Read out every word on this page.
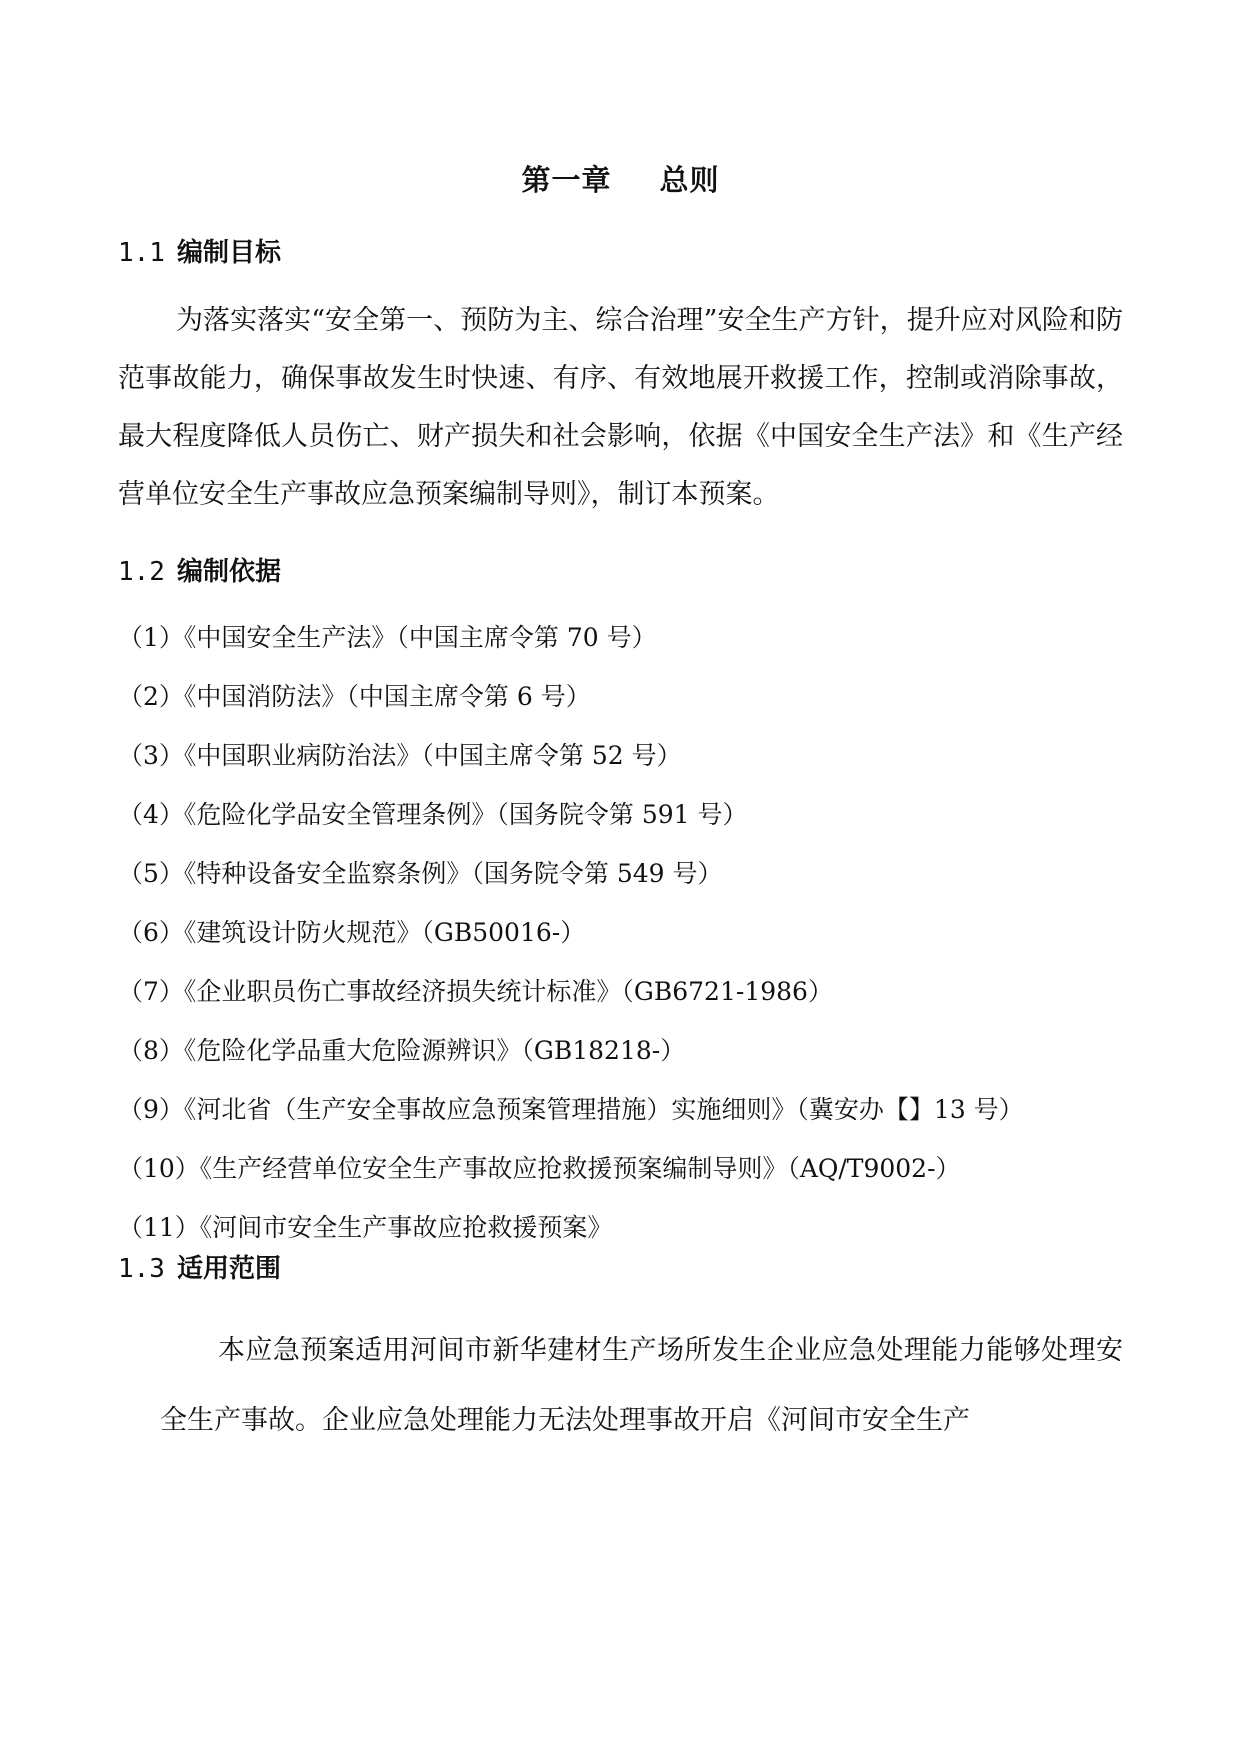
第一章 总则
1.1 编制目标

为落实落实“安全第一、预防为主、综合治理”安全生产方针，提升应对风险和防范事故能力，确保事故发生时快速、有序、有效地展开救援工作，控制或消除事故，最大程度降低人员伤亡、财产损失和社会影响，依据《中国安全生产法》和《生产经营单位安全生产事故应急预案编制导则》，制订本预案。

1.2 编制依据
（1）《中国安全生产法》（中国主席令第 70 号）
（2）《中国消防法》（中国主席令第 6 号）
（3）《中国职业病防治法》（中国主席令第 52 号）
（4）《危险化学品安全管理条例》（国务院令第 591 号）
（5）《特种设备安全监察条例》（国务院令第 549 号）
（6）《建筑设计防火规范》（GB50016-）
（7）《企业职员伤亡事故经济损失统计标准》（GB6721-1986）
（8）《危险化学品重大危险源辨识》（GB18218-）
（9）《河北省（生产安全事故应急预案管理措施）实施细则》（冀安办【】13 号）
（10）《生产经营单位安全生产事故应抢救援预案编制导则》（AQ/T9002-）
（11）《河间市安全生产事故应抢救援预案》
1.3 适用范围

本应急预案适用河间市新华建材生产场所发生企业应急处理能力能够处理安全生产事故。企业应急处理能力无法处理事故开启《河间市安全生产
